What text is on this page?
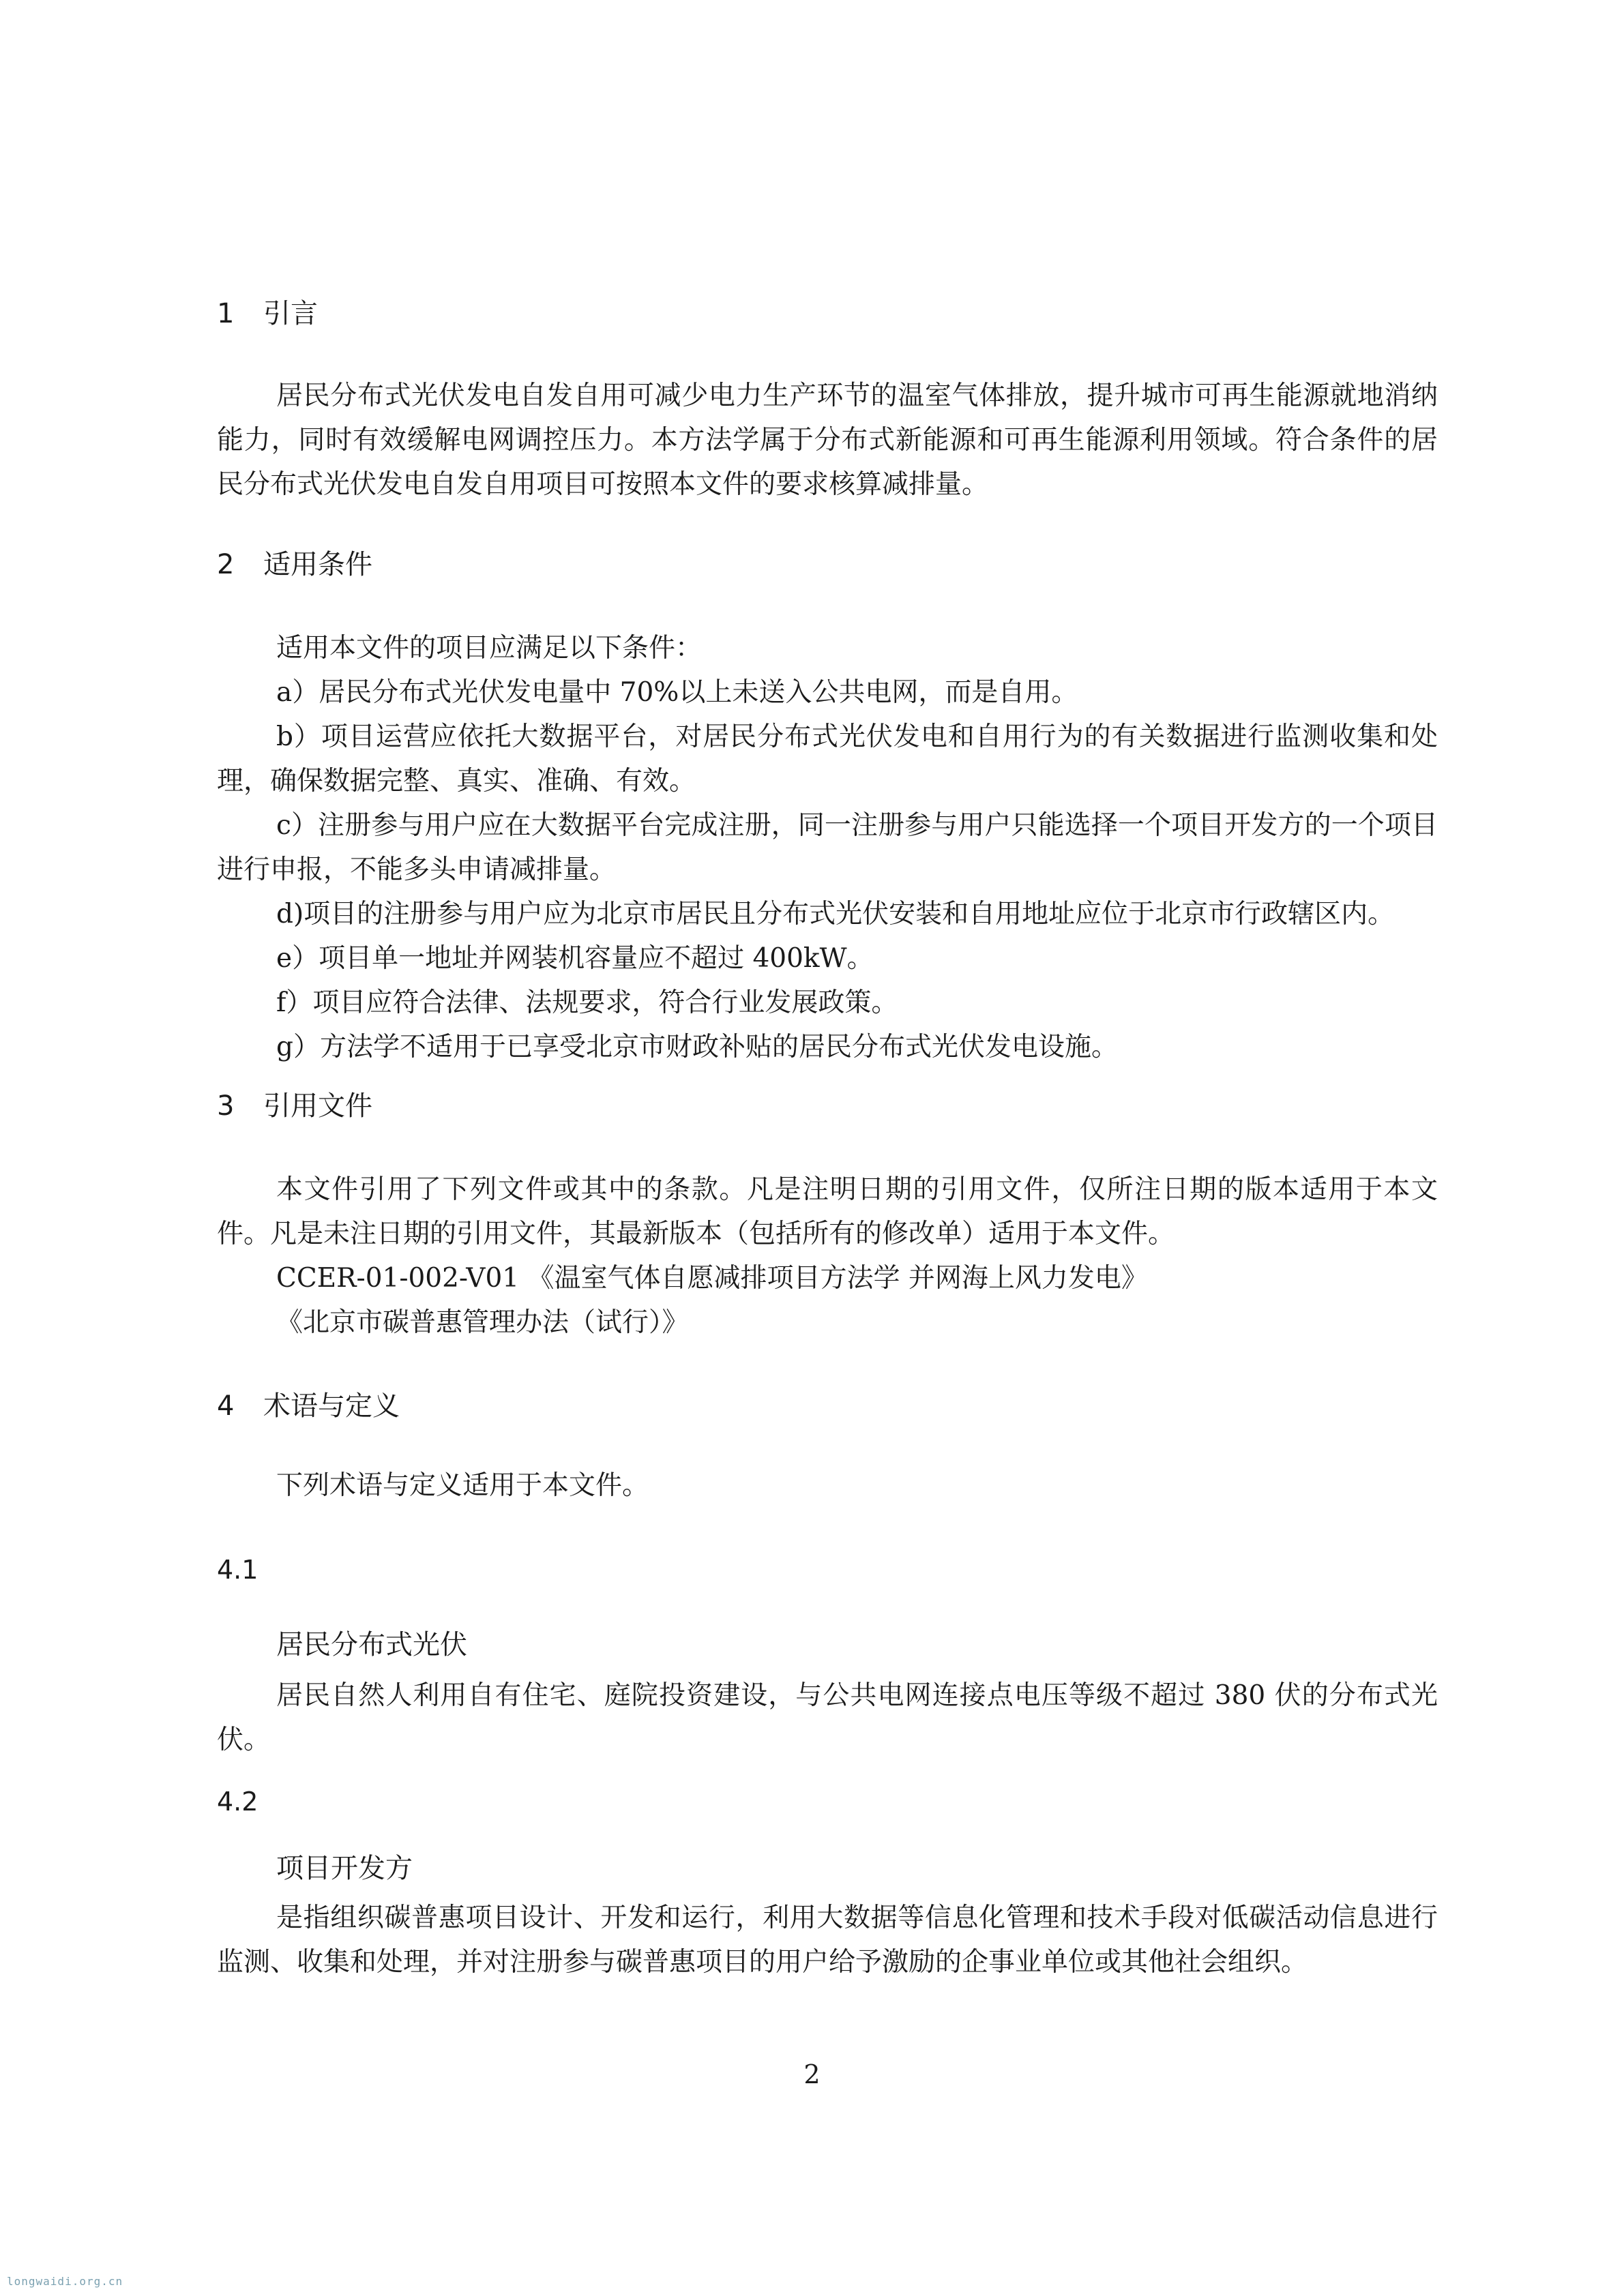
1 引言

居民分布式光伏发电自发自用可减少电力生产环节的温室气体排放，提升城市可再生能源就地消纳能力，同时有效缓解电网调控压力。本方法学属于分布式新能源和可再生能源利用领域。符合条件的居民分布式光伏发电自发自用项目可按照本文件的要求核算减排量。

2 适用条件

适用本文件的项目应满足以下条件：

a）居民分布式光伏发电量中 70%以上未送入公共电网，而是自用。

b）项目运营应依托大数据平台，对居民分布式光伏发电和自用行为的有关数据进行监测收集和处理，确保数据完整、真实、准确、有效。

c）注册参与用户应在大数据平台完成注册，同一注册参与用户只能选择一个项目开发方的一个项目进行申报，不能多头申请减排量。

d)项目的注册参与用户应为北京市居民且分布式光伏安装和自用地址应位于北京市行政辖区内。

e）项目单一地址并网装机容量应不超过 400kW。

f）项目应符合法律、法规要求，符合行业发展政策。

g）方法学不适用于已享受北京市财政补贴的居民分布式光伏发电设施。

3 引用文件

本文件引用了下列文件或其中的条款。凡是注明日期的引用文件，仅所注日期的版本适用于本文件。凡是未注日期的引用文件，其最新版本（包括所有的修改单）适用于本文件。

CCER-01-002-V01 《温室气体自愿减排项目方法学 并网海上风力发电》

《北京市碳普惠管理办法（试行）》

4 术语与定义

下列术语与定义适用于本文件。

4.1
居民分布式光伏

居民自然人利用自有住宅、庭院投资建设，与公共电网连接点电压等级不超过 380 伏的分布式光伏。

4.2
项目开发方

是指组织碳普惠项目设计、开发和运行，利用大数据等信息化管理和技术手段对低碳活动信息进行监测、收集和处理，并对注册参与碳普惠项目的用户给予激励的企事业单位或其他社会组织。

2
longwaidi.org.cn
